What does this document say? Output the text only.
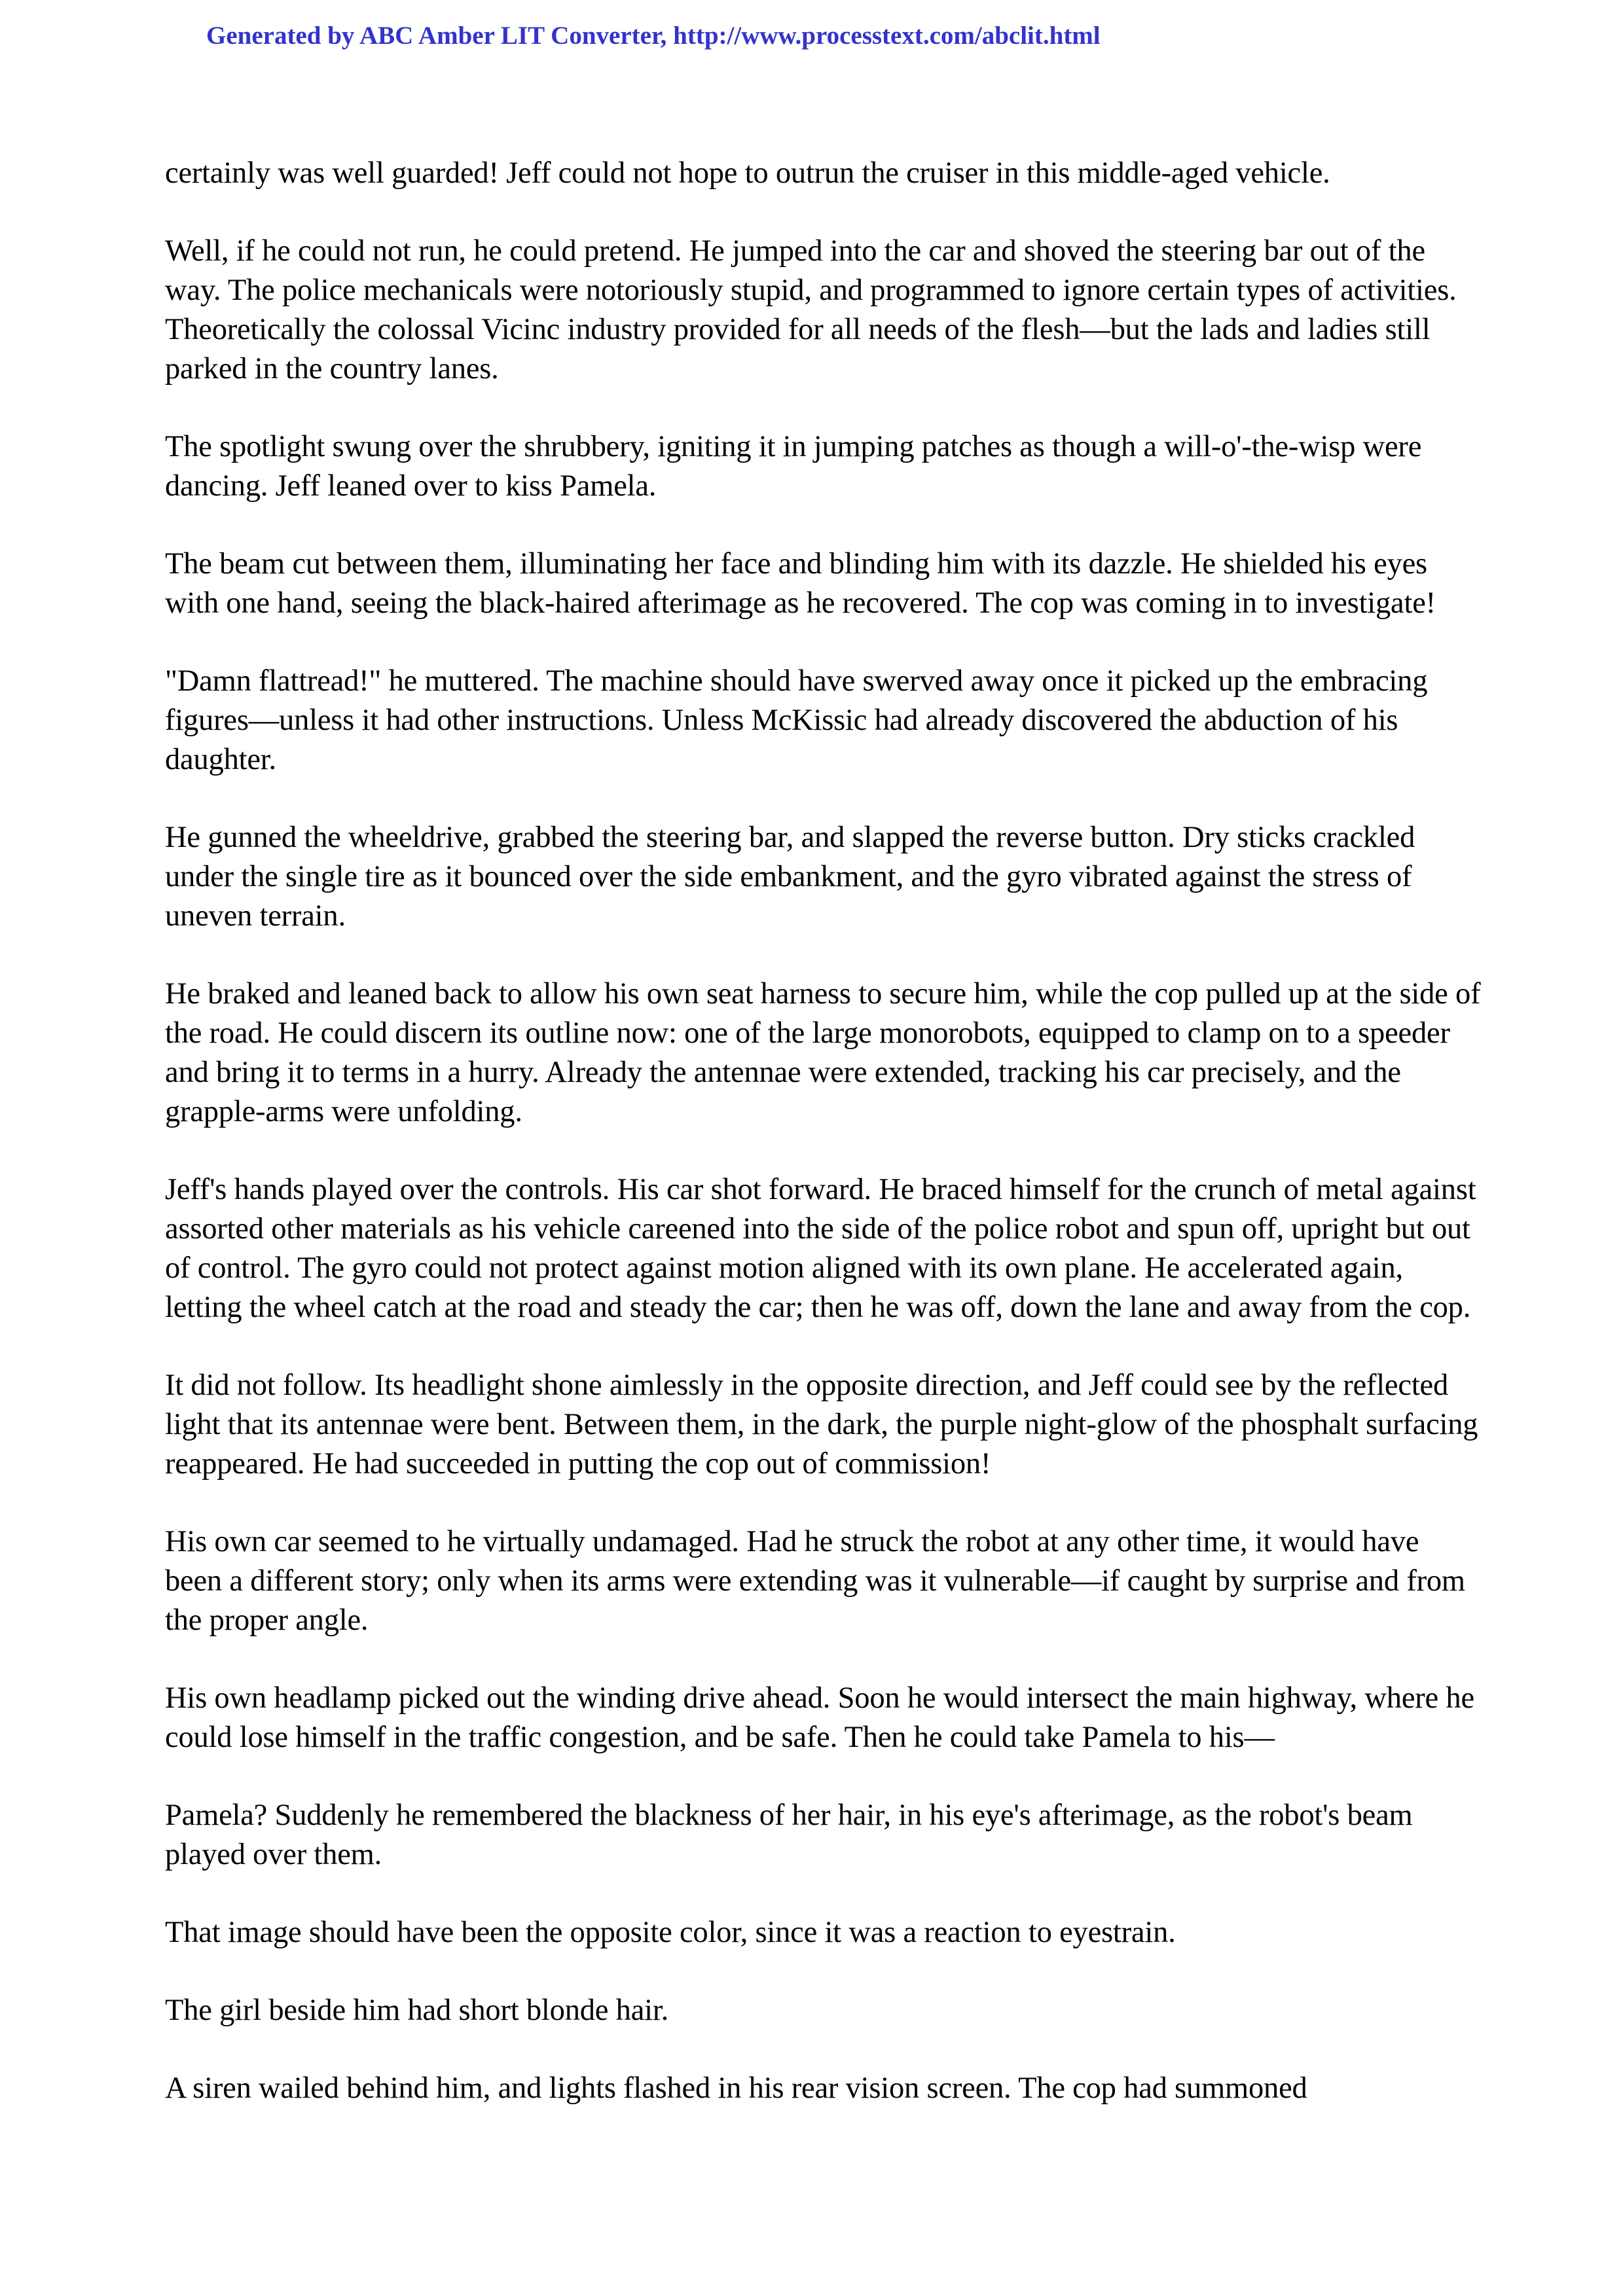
Generated by ABC Amber LIT Converter, http://www.processtext.com/abclit.html

certainly was well guarded! Jeff could not hope to outrun the cruiser in this middle-aged vehicle.

Well, if he could not run, he could pretend. He jumped into the car and shoved the steering bar out of the way. The police mechanicals were notoriously stupid, and programmed to ignore certain types of activities. Theoretically the colossal Vicinc industry provided for all needs of the flesh—but the lads and ladies still parked in the country lanes.

The spotlight swung over the shrubbery, igniting it in jumping patches as though a will-o'-the-wisp were dancing. Jeff leaned over to kiss Pamela.

The beam cut between them, illuminating her face and blinding him with its dazzle. He shielded his eyes with one hand, seeing the black-haired afterimage as he recovered. The cop was coming in to investigate!

"Damn flattread!" he muttered. The machine should have swerved away once it picked up the embracing figures—unless it had other instructions. Unless McKissic had already discovered the abduction of his daughter.

He gunned the wheeldrive, grabbed the steering bar, and slapped the reverse button. Dry sticks crackled under the single tire as it bounced over the side embankment, and the gyro vibrated against the stress of uneven terrain.

He braked and leaned back to allow his own seat harness to secure him, while the cop pulled up at the side of the road. He could discern its outline now: one of the large monorobots, equipped to clamp on to a speeder and bring it to terms in a hurry. Already the antennae were extended, tracking his car precisely, and the grapple-arms were unfolding.

Jeff's hands played over the controls. His car shot forward. He braced himself for the crunch of metal against assorted other materials as his vehicle careened into the side of the police robot and spun off, upright but out of control. The gyro could not protect against motion aligned with its own plane. He accelerated again, letting the wheel catch at the road and steady the car; then he was off, down the lane and away from the cop.

It did not follow. Its headlight shone aimlessly in the opposite direction, and Jeff could see by the reflected light that its antennae were bent. Between them, in the dark, the purple night-glow of the phosphalt surfacing reappeared. He had succeeded in putting the cop out of commission!

His own car seemed to he virtually undamaged. Had he struck the robot at any other time, it would have been a different story; only when its arms were extending was it vulnerable—if caught by surprise and from the proper angle.

His own headlamp picked out the winding drive ahead. Soon he would intersect the main highway, where he could lose himself in the traffic congestion, and be safe. Then he could take Pamela to his—

Pamela? Suddenly he remembered the blackness of her hair, in his eye's afterimage, as the robot's beam played over them.

That image should have been the opposite color, since it was a reaction to eyestrain.

The girl beside him had short blonde hair.

A siren wailed behind him, and lights flashed in his rear vision screen. The cop had summoned
